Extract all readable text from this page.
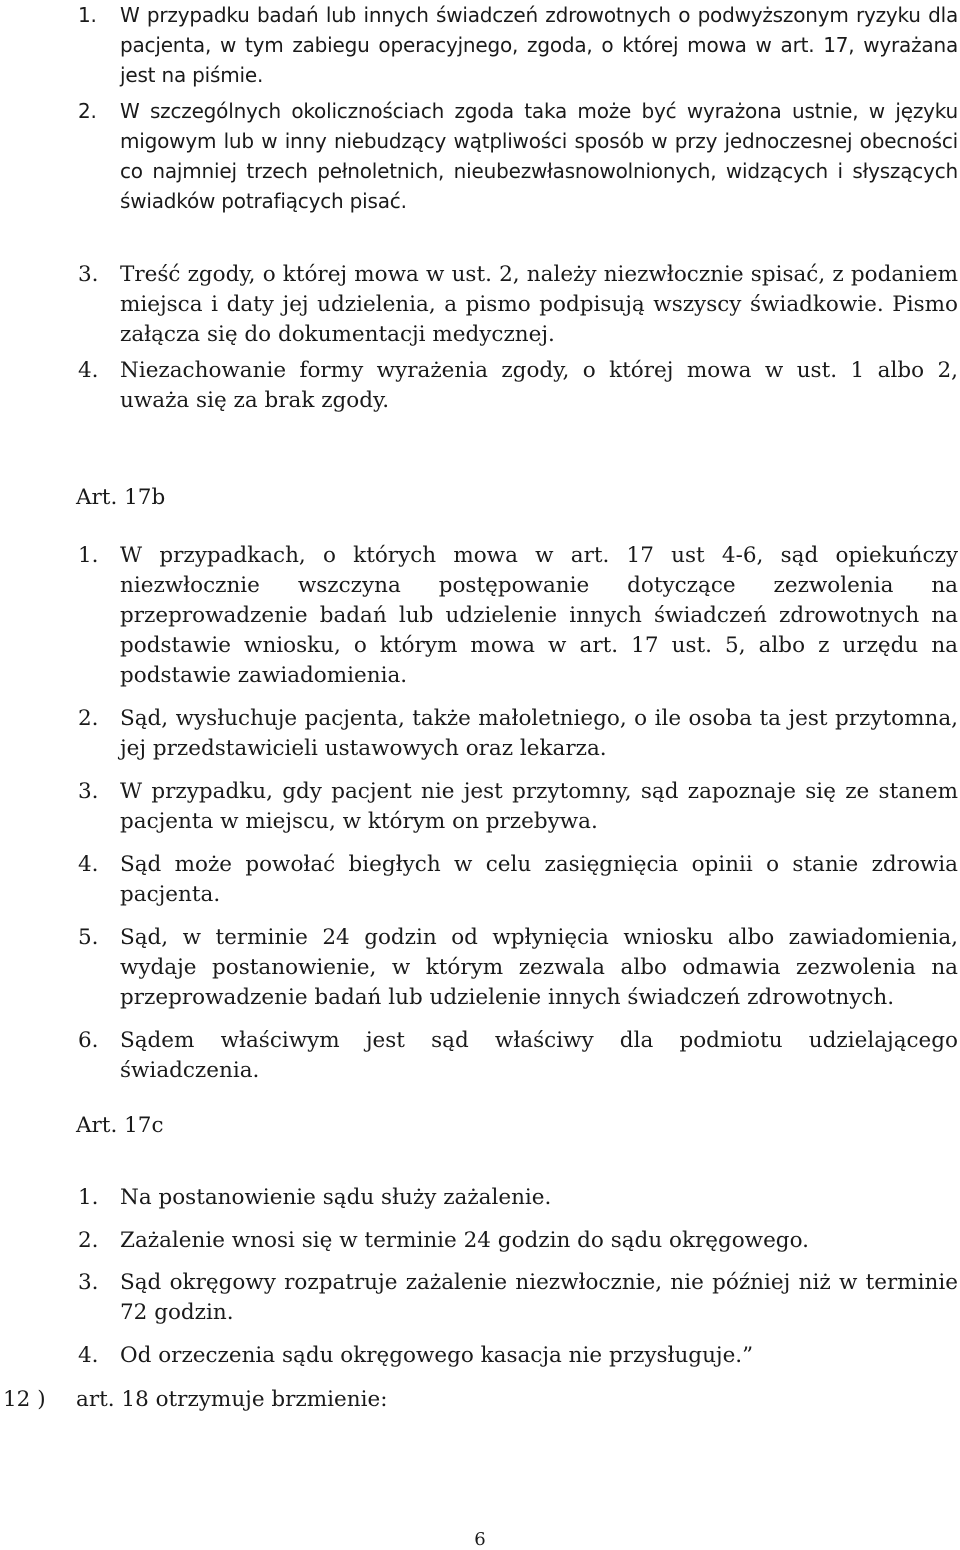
1. W przypadku badań lub innych świadczeń zdrowotnych o podwyższonym ryzyku dla pacjenta, w tym zabiegu operacyjnego, zgoda, o której mowa w art. 17, wyrażana jest na piśmie.
2. W szczególnych okolicznościach zgoda taka może być wyrażona ustnie, w języku migowym lub w inny niebudzący wątpliwości sposób w przy jednoczesnej obecności co najmniej trzech pełnoletnich, nieubezwłasnowolnionych, widzących i słyszących świadków potrafiących pisać.
3. Treść zgody, o której mowa w ust. 2, należy niezwłocznie spisać, z podaniem miejsca i daty jej udzielenia, a pismo podpisują wszyscy świadkowie. Pismo załącza się do dokumentacji medycznej.
4. Niezachowanie formy wyrażenia zgody, o której mowa w ust. 1 albo 2, uważa się za brak zgody.
Art. 17b
1. W przypadkach, o których mowa w art. 17 ust 4-6, sąd opiekuńczy niezwłocznie wszczyna postępowanie dotyczące zezwolenia na przeprowadzenie badań lub udzielenie innych świadczeń zdrowotnych na podstawie wniosku, o którym mowa w art. 17 ust. 5, albo z urzędu na podstawie zawiadomienia.
2. Sąd, wysłuchuje pacjenta, także małoletniego, o ile osoba ta jest przytomna, jej przedstawicieli ustawowych oraz lekarza.
3. W przypadku, gdy pacjent nie jest przytomny, sąd zapoznaje się ze stanem pacjenta w miejscu, w którym on przebywa.
4. Sąd może powołać biegłych w celu zasięgnięcia opinii o stanie zdrowia pacjenta.
5. Sąd, w terminie 24 godzin od wpłynięcia wniosku albo zawiadomienia, wydaje postanowienie, w którym zezwala albo odmawia zezwolenia na przeprowadzenie badań lub udzielenie innych świadczeń zdrowotnych.
6. Sądem właściwym jest sąd właściwy dla podmiotu udzielającego świadczenia.
Art. 17c
1. Na postanowienie sądu służy zażalenie.
2. Zażalenie wnosi się w terminie 24 godzin do sądu okręgowego.
3. Sąd okręgowy rozpatruje zażalenie niezwłocznie, nie później niż w terminie 72 godzin.
4. Od orzeczenia sądu okręgowego kasacja nie przysługuje.”
12 ) art. 18 otrzymuje brzmienie:
6
